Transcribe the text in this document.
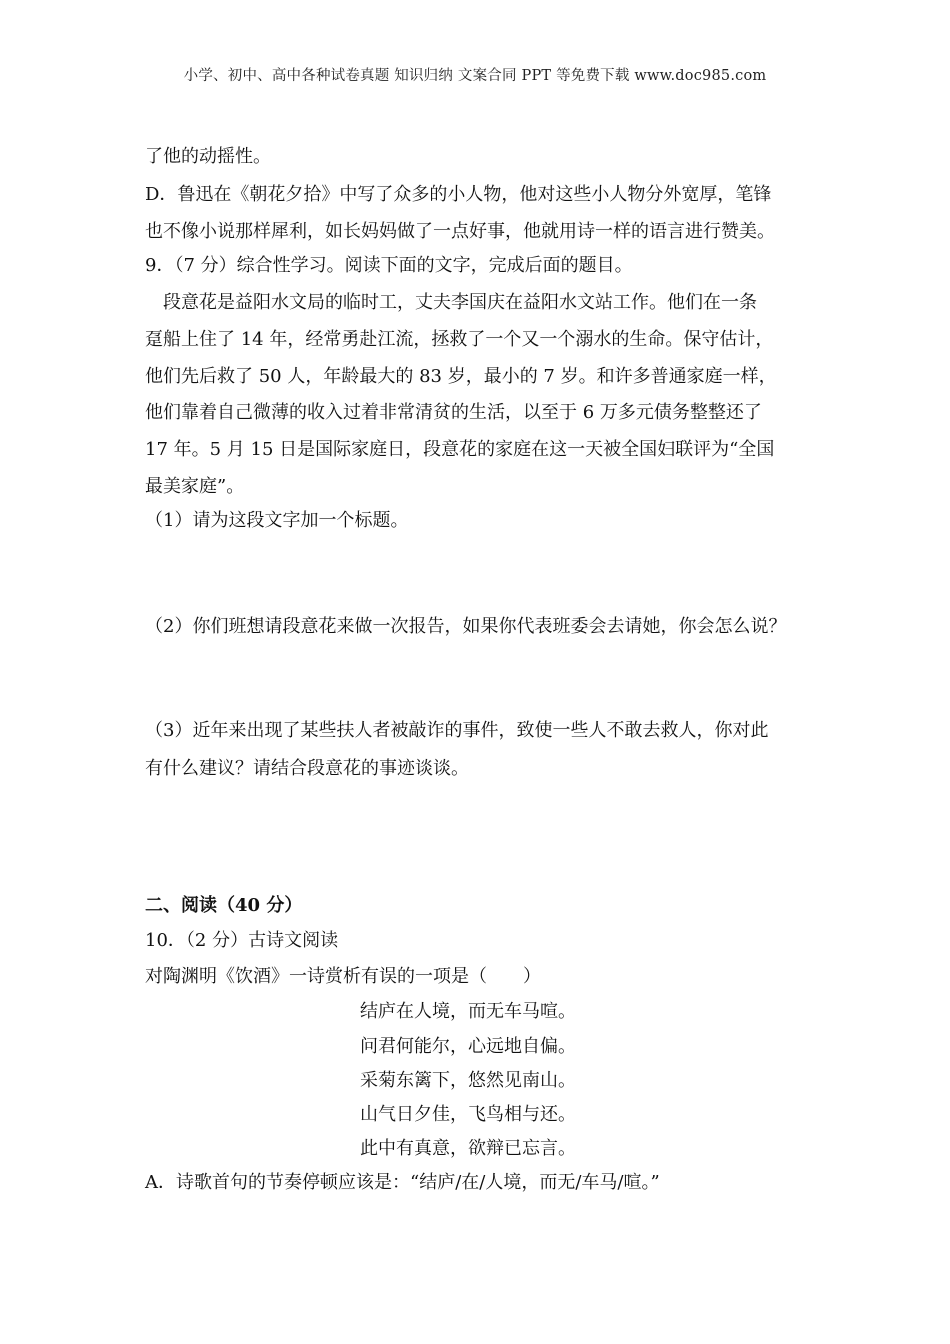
小学、初中、高中各种试卷真题 知识归纳 文案合同 PPT 等免费下载 www.doc985.com
了他的动摇性。
D．鲁迅在《朝花夕拾》中写了众多的小人物，他对这些小人物分外宽厚，笔锋
也不像小说那样犀利，如长妈妈做了一点好事，他就用诗一样的语言进行赞美。
9．（7 分）综合性学习。阅读下面的文字，完成后面的题目。
段意花是益阳水文局的临时工，丈夫李国庆在益阳水文站工作。他们在一条
趸船上住了 14 年，经常勇赴江流，拯救了一个又一个溺水的生命。保守估计，
他们先后救了 50 人，年龄最大的 83 岁，最小的 7 岁。和许多普通家庭一样，
他们靠着自己微薄的收入过着非常清贫的生活，以至于 6 万多元债务整整还了
17 年。5 月 15 日是国际家庭日，段意花的家庭在这一天被全国妇联评为“全国
最美家庭”。
（1）请为这段文字加一个标题。
（2）你们班想请段意花来做一次报告，如果你代表班委会去请她，你会怎么说？
（3）近年来出现了某些扶人者被敲诈的事件，致使一些人不敢去救人，你对此
有什么建议？请结合段意花的事迹谈谈。
二、阅读（40 分）
10．（2 分）古诗文阅读
对陶渊明《饮酒》一诗赏析有误的一项是（　　）
结庐在人境，而无车马喧。
问君何能尔，心远地自偏。
采菊东篱下，悠然见南山。
山气日夕佳，飞鸟相与还。
此中有真意，欲辩已忘言。
A．诗歌首句的节奏停顿应该是：“结庐/在/人境，而无/车马/喧。”
